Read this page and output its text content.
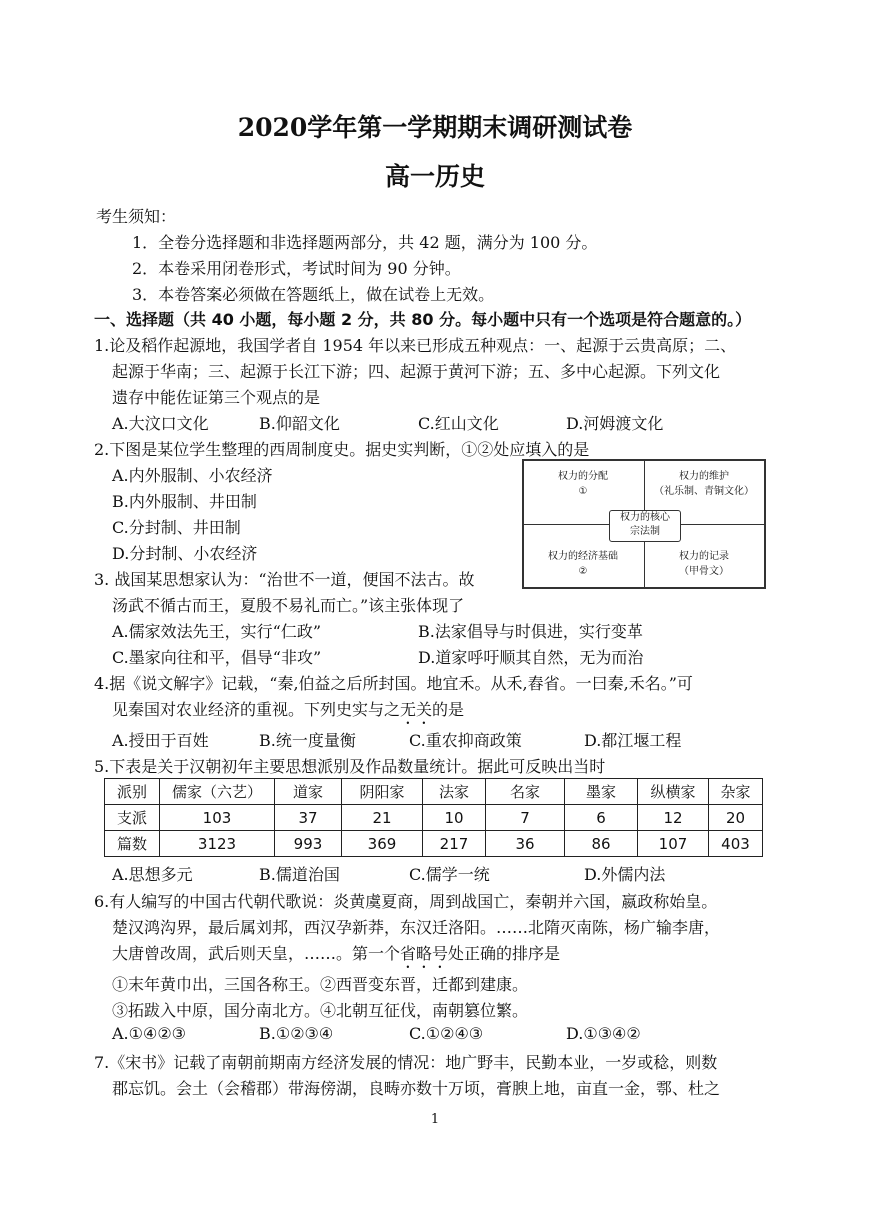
2020学年第一学期期末调研测试卷
高一历史
考生须知：
1．全卷分选择题和非选择题两部分，共 42 题，满分为 100 分。
2．本卷采用闭卷形式，考试时间为 90 分钟。
3．本卷答案必须做在答题纸上，做在试卷上无效。
一、选择题（共 40 小题，每小题 2 分，共 80 分。每小题中只有一个选项是符合题意的。）
1.论及稻作起源地，我国学者自 1954 年以来已形成五种观点：一、起源于云贵高原；二、
起源于华南；三、起源于长江下游；四、起源于黄河下游；五、多中心起源。下列文化
遗存中能佐证第三个观点的是
A.大汶口文化	B.仰韶文化	C.红山文化	D.河姆渡文化
2.下图是某位学生整理的西周制度史。据史实判断，①②处应填入的是
A.内外服制、小农经济
B.内外服制、井田制
C.分封制、井田制
D.分封制、小农经济
权力的分配
①
权力的维护
（礼乐制、青铜文化）
权力的经济基础
②
权力的记录
（甲骨文）
权力的核心
宗法制
3. 战国某思想家认为：“治世不一道，便国不法古。故
汤武不循古而王，夏殷不易礼而亡。”该主张体现了
A.儒家效法先王，实行“仁政”	B.法家倡导与时俱进，实行变革
C.墨家向往和平，倡导“非攻”	D.道家呼吁顺其自然，无为而治
4.据《说文解字》记载，“秦,伯益之后所封国。地宜禾。从禾,舂省。一曰秦,禾名。”可
见秦国对农业经济的重视。下列史实与之无关的是
A.授田于百姓	B.统一度量衡	C.重农抑商政策	D.都江堰工程
5.下表是关于汉朝初年主要思想派别及作品数量统计。据此可反映出当时
派别	儒家（六艺）	道家	阴阳家	法家	名家	墨家	纵横家	杂家
支派	103	37	21	10	7	6	12	20
篇数	3123	993	369	217	36	86	107	403
A.思想多元	B.儒道治国	C.儒学一统	D.外儒内法
6.有人编写的中国古代朝代歌说：炎黄虞夏商，周到战国亡，秦朝并六国，嬴政称始皇。
楚汉鸿沟界，最后属刘邦，西汉孕新莽，东汉迁洛阳。……北隋灭南陈，杨广输李唐，
大唐曾改周，武后则天皇，……。第一个省略号处正确的排序是
①末年黄巾出，三国各称王。②西晋变东晋，迁都到建康。
③拓跋入中原，国分南北方。④北朝互征伐，南朝篡位繁。
A.①④②③	B.①②③④	C.①②④③	D.①③④②
7.《宋书》记载了南朝前期南方经济发展的情况：地广野丰，民勤本业，一岁或稔，则数
郡忘饥。会土（会稽郡）带海傍湖，良畴亦数十万顷，膏腴上地，亩直一金，鄠、杜之
1
